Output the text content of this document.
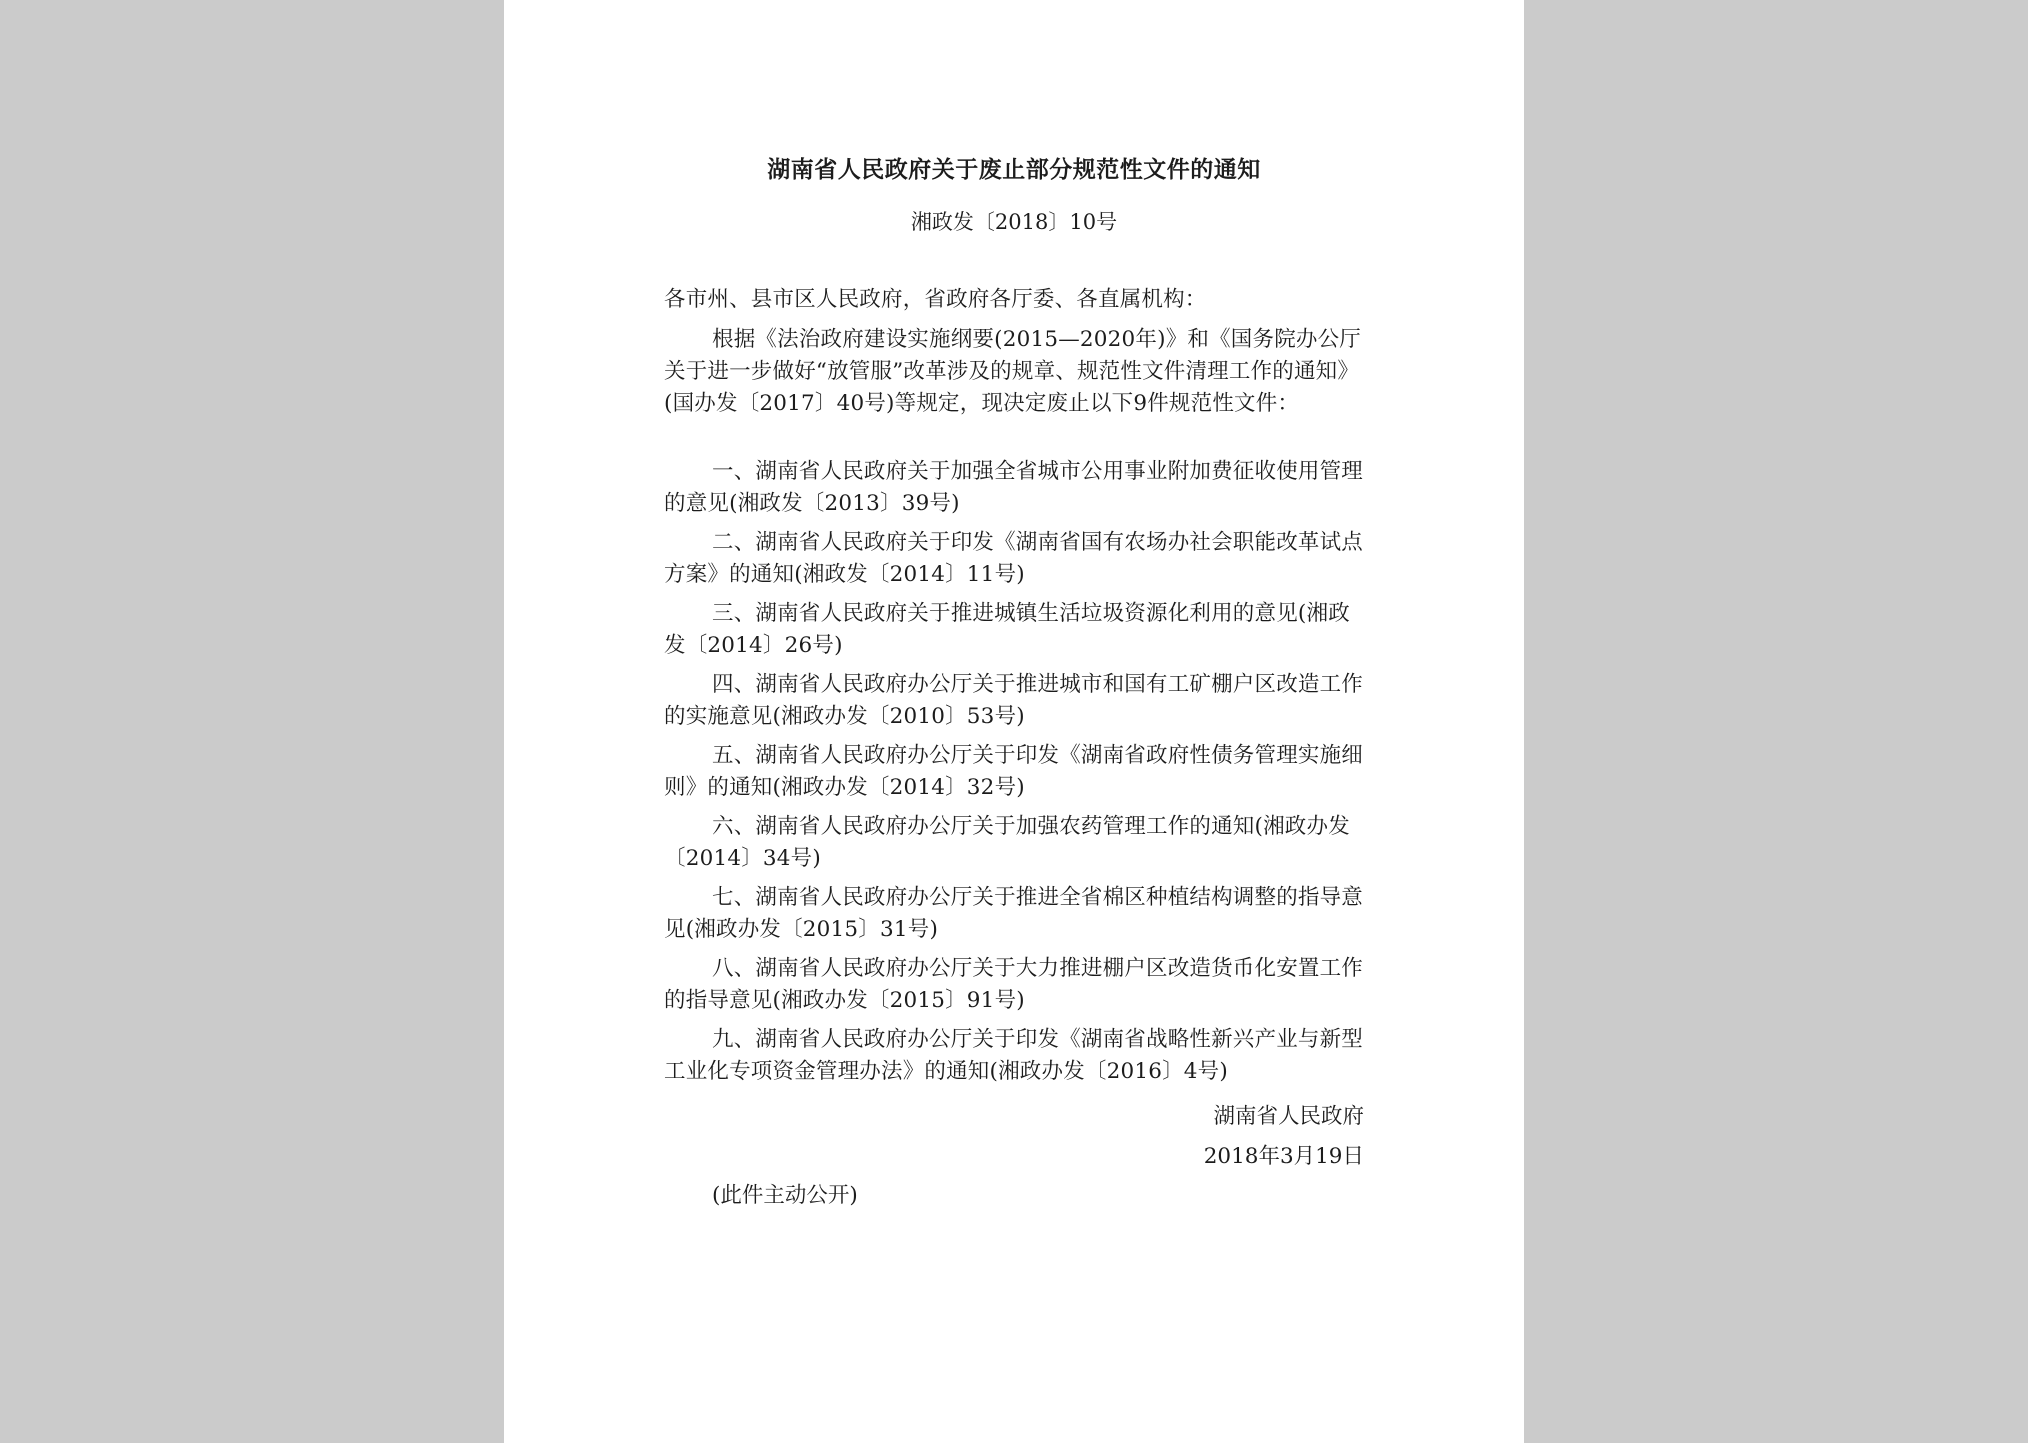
湖南省人民政府关于废止部分规范性文件的通知
湘政发〔2018〕10号
各市州、县市区人民政府，省政府各厅委、各直属机构：

根据《法治政府建设实施纲要(2015—2020年)》和《国务院办公厅关于进一步做好“放管服”改革涉及的规章、规范性文件清理工作的通知》(国办发〔2017〕40号)等规定，现决定废止以下9件规范性文件：

一、湖南省人民政府关于加强全省城市公用事业附加费征收使用管理的意见(湘政发〔2013〕39号)

二、湖南省人民政府关于印发《湖南省国有农场办社会职能改革试点方案》的通知(湘政发〔2014〕11号)

三、湖南省人民政府关于推进城镇生活垃圾资源化利用的意见(湘政发〔2014〕26号)

四、湖南省人民政府办公厅关于推进城市和国有工矿棚户区改造工作的实施意见(湘政办发〔2010〕53号)

五、湖南省人民政府办公厅关于印发《湖南省政府性债务管理实施细则》的通知(湘政办发〔2014〕32号)

六、湖南省人民政府办公厅关于加强农药管理工作的通知(湘政办发〔2014〕34号)

七、湖南省人民政府办公厅关于推进全省棉区种植结构调整的指导意见(湘政办发〔2015〕31号)

八、湖南省人民政府办公厅关于大力推进棚户区改造货币化安置工作的指导意见(湘政办发〔2015〕91号)

九、湖南省人民政府办公厅关于印发《湖南省战略性新兴产业与新型工业化专项资金管理办法》的通知(湘政办发〔2016〕4号)

湖南省人民政府
2018年3月19日
(此件主动公开)
